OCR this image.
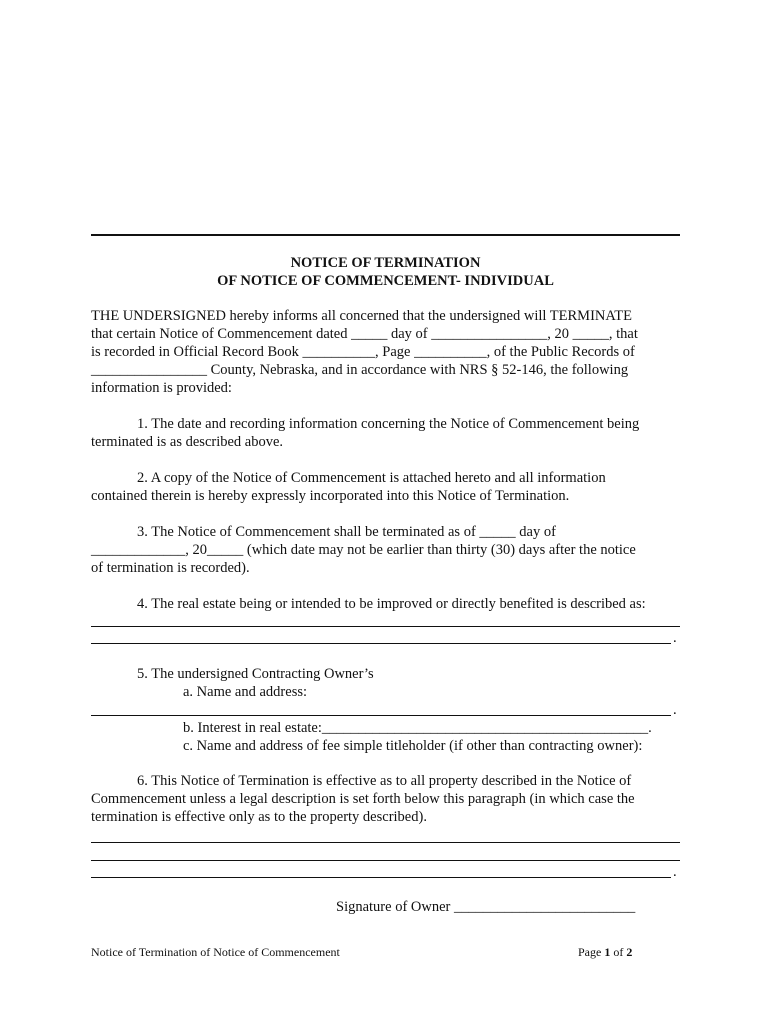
NOTICE OF TERMINATION
OF NOTICE OF COMMENCEMENT- INDIVIDUAL
THE UNDERSIGNED hereby informs all concerned that the undersigned will TERMINATE
that certain Notice of Commencement dated _____ day of ________________, 20 _____, that
is recorded in Official Record Book __________, Page __________, of the Public Records of
________________ County, Nebraska, and in accordance with NRS § 52-146, the following
information is provided:
1. The date and recording information concerning the Notice of Commencement being
terminated is as described above.
2. A copy of the Notice of Commencement is attached hereto and all information
contained therein is hereby expressly incorporated into this Notice of Termination.
3. The Notice of Commencement shall be terminated as of _____ day of
_____________, 20_____ (which date may not be earlier than thirty (30) days after the notice
of termination is recorded).
4. The real estate being or intended to be improved or directly benefited is described as:
.
5. The undersigned Contracting Owner’s
a. Name and address:
.
b. Interest in real estate:_____________________________________________.
c. Name and address of fee simple titleholder (if other than contracting owner):
6. This Notice of Termination is effective as to all property described in the Notice of
Commencement unless a legal description is set forth below this paragraph (in which case the
termination is effective only as to the property described).
.
Signature of Owner _________________________
Notice of Termination of Notice of Commencement	Page 1 of 2
